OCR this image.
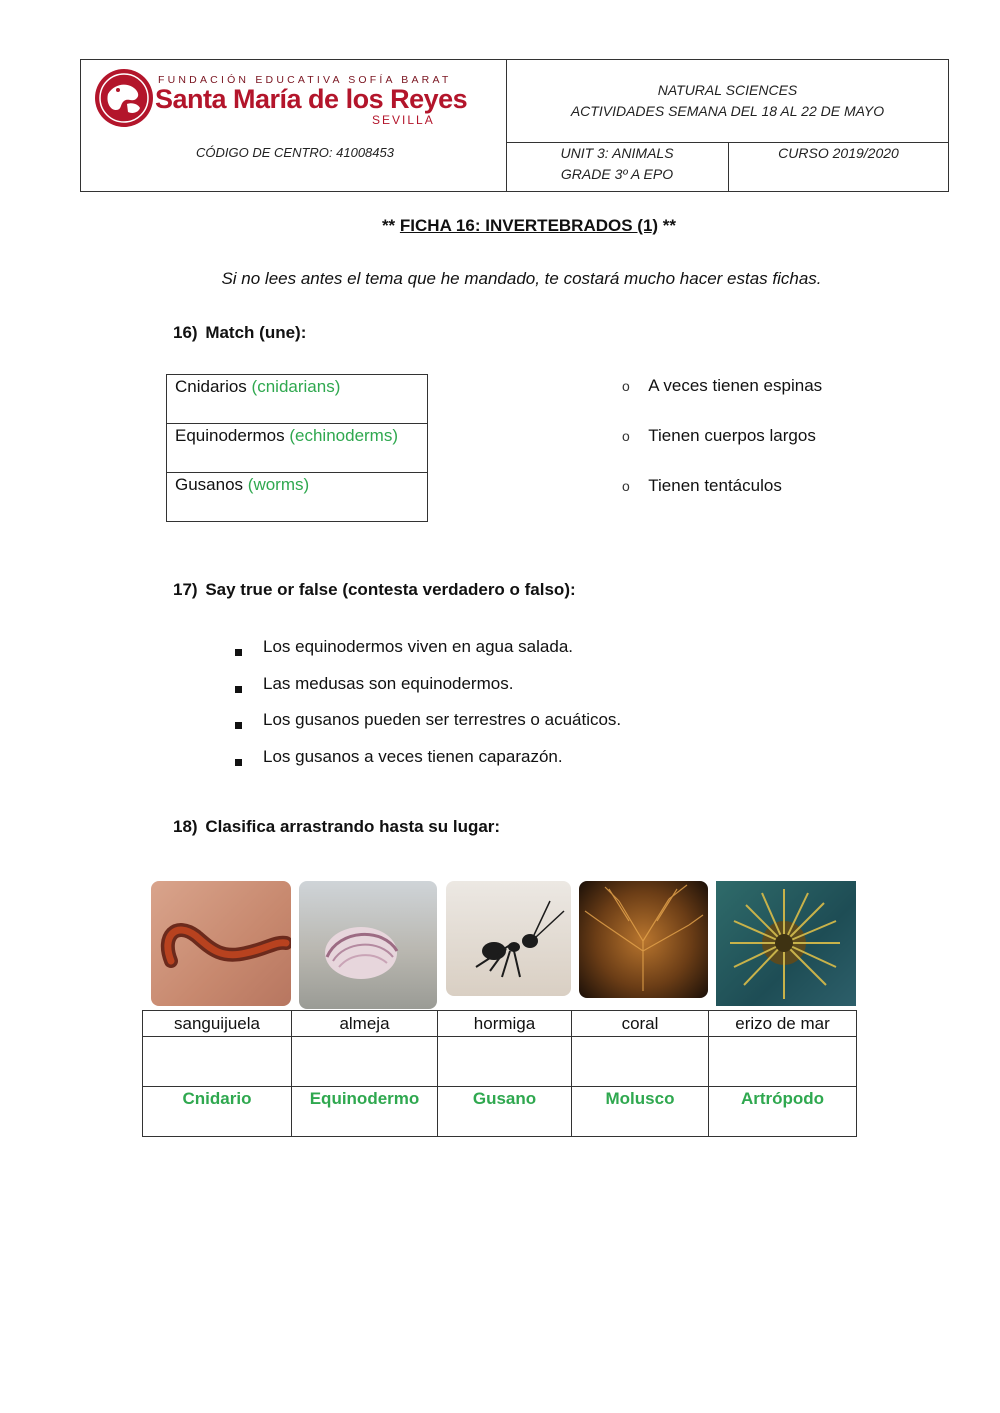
FUNDACIÓN EDUCATIVA SOFÍA BARAT
Santa María de los Reyes
SEVILLA
CÓDIGO DE CENTRO: 41008453
NATURAL SCIENCES
ACTIVIDADES SEMANA DEL 18 AL 22 DE MAYO
UNIT 3: ANIMALS
GRADE 3º A EPO
CURSO 2019/2020
** FICHA 16: INVERTEBRADOS (1) **
Si no lees antes el tema que he mandado, te costará mucho hacer estas fichas.
16) Match (une):
Cnidarios (cnidarians)
Equinodermos (echinoderms)
Gusanos (worms)
o A veces tienen espinas
o Tienen cuerpos largos
o Tienen tentáculos
17) Say true or false (contesta verdadero o falso):
Los equinodermos viven en agua salada.
Las medusas son equinodermos.
Los gusanos pueden ser terrestres o acuáticos.
Los gusanos a veces tienen caparazón.
18) Clasifica arrastrando hasta su lugar:
sanguijuela	almeja	hormiga	coral	erizo de mar

Cnidario	Equinodermo	Gusano	Molusco	Artrópodo
